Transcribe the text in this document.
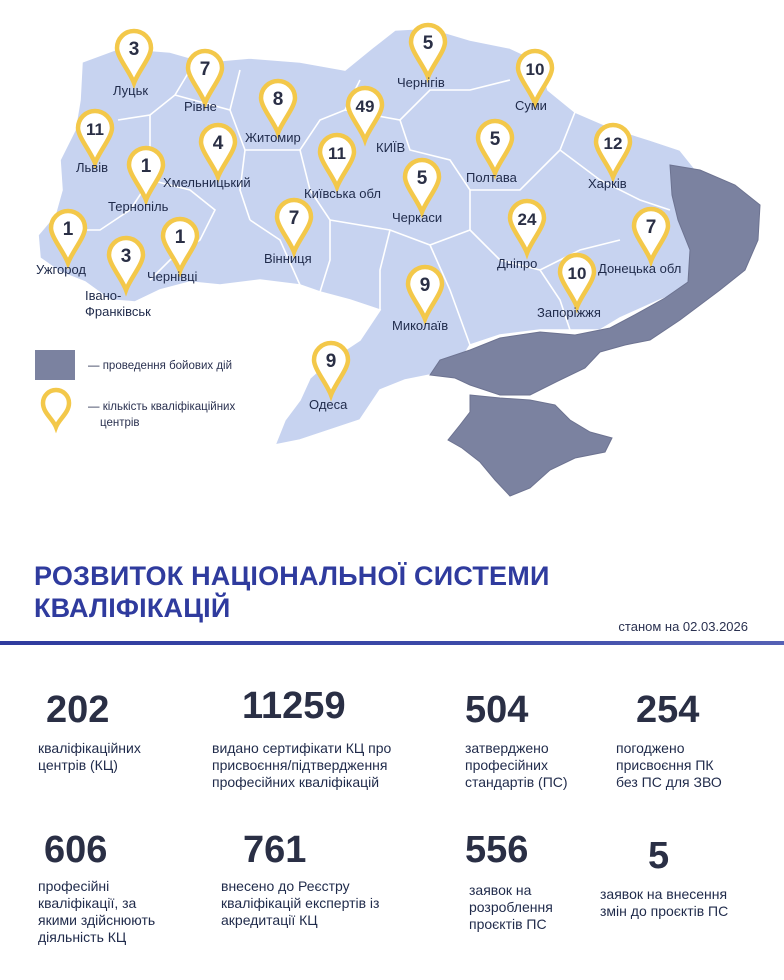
— проведення бойових дій
— кількість кваліфікаційних
центрів
3
Луцьк
7
Рівне	8
Житомир
49
КИЇВ
5
Чернігів
10
Суми
11
Львів
4
Хмельницький
1
Тернопіль
11
Київська обл
5
Полтава
12
Харків
5
Черкаси
1
Ужгород
3
Івано-
Франківськ
1
Чернівці
7
Вінниця
24
Дніпро
7
Донецька обл
10
Запоріжжя
9
Миколаїв
9
Одеса
РОЗВИТОК НАЦІОНАЛЬНОЇ СИСТЕМИ
КВАЛІФІКАЦІЙ
станом на 02.03.2026
202
кваліфікаційних
центрів (КЦ)
11259
видано сертифікати КЦ про
присвоєння/підтвердження
професійних кваліфікацій
504
затверджено
професійних
стандартів (ПС)
254
погоджено
присвоєння ПК
без ПС для ЗВО
606
професійні
кваліфікації, за
якими здійснюють
діяльність КЦ
761
внесено до Реєстру
кваліфікацій експертів із
акредитації КЦ
556
заявок на
розроблення
проєктів ПС
5
заявок на внесення
змін до проєктів ПС
